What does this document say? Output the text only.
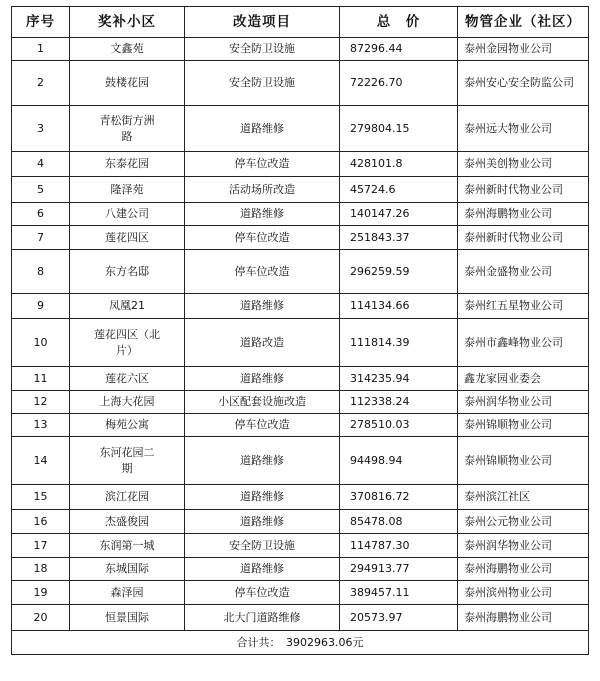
序号	奖补小区	改造项目	总　价	物管企业（社区）
1	文鑫苑	安全防卫设施	87296.44	泰州金园物业公司
2	鼓楼花园	安全防卫设施	72226.70	泰州安心安全防监公司
3	青松街方洲路	道路维修	279804.15	泰州远大物业公司
4	东泰花园	停车位改造	428101.8	泰州美创物业公司
5	隆泽苑	活动场所改造	45724.6	泰州新时代物业公司
6	八建公司	道路维修	140147.26	泰州海鹏物业公司
7	莲花四区	停车位改造	251843.37	泰州新时代物业公司
8	东方名邸	停车位改造	296259.59	泰州金盛物业公司
9	凤凰21	道路维修	114134.66	泰州红五星物业公司
10	莲花四区（北片）	道路改造	111814.39	泰州市鑫峰物业公司
11	莲花六区	道路维修	314235.94	鑫龙家园业委会
12	上海大花园	小区配套设施改造	112338.24	泰州润华物业公司
13	梅苑公寓	停车位改造	278510.03	泰州锦顺物业公司
14	东河花园二期	道路维修	94498.94	泰州锦顺物业公司
15	滨江花园	道路维修	370816.72	泰州滨江社区
16	杰盛俊园	道路维修	85478.08	泰州公元物业公司
17	东润第一城	安全防卫设施	114787.30	泰州润华物业公司
18	东城国际	道路维修	294913.77	泰州海鹏物业公司
19	森泽园	停车位改造	389457.11	泰州滨州物业公司
20	恒景国际	北大门道路维修	20573.97	泰州海鹏物业公司
合计共：　3902963.06元				
